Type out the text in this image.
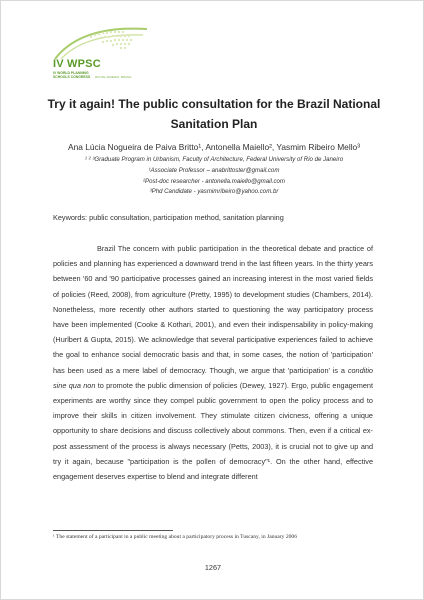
IV WPSC
IV WORLD PLANNING SCHOOLS CONGRESS	RIO DE JANEIRO, BRASIL
Try it again! The public consultation for the Brazil National
Sanitation Plan
Ana Lúcia Nogueira de Paiva Britto¹, Antonella Maiello², Yasmim Ribeiro Mello³
¹ ² ³Graduate Program in Urbanism, Faculty of Architecture, Federal University of Rio de Janeiro
¹Associate Professor – anabrittoster@gmail.com
²Post-doc researcher - antonella.maiello@gmail.com
³Phd Candidate - yasmimribeiro@yahoo.com.br
Keywords: public consultation, participation method, sanitation planning

Brazil The concern with public participation in the theoretical debate and practice of policies and planning has experienced a downward trend in the last fifteen years. In the thirty years between '60 and '90 participative processes gained an increasing interest in the most varied fields of policies (Reed, 2008), from agriculture (Pretty, 1995) to development studies (Chambers, 2014). Nonetheless, more recently other authors started to questioning the way participatory process have been implemented (Cooke & Kothari, 2001), and even their indispensability in policy-making (Hurlbert & Gupta, 2015). We acknowledge that several participative experiences failed to achieve the goal to enhance social democratic basis and that, in some cases, the notion of 'participation' has been used as a mere label of democracy. Though, we argue that 'participation' is a conditio sine qua non to promote the public dimension of policies (Dewey, 1927). Ergo, public engagement experiments are worthy since they compel public government to open the policy process and to improve their skills in citizen involvement. They stimulate citizen civicness, offering a unique opportunity to share decisions and discuss collectively about commons. Then, even if a critical ex-post assessment of the process is always necessary (Petts, 2003), it is crucial not to give up and try it again, because "participation is the pollen of democracy"¹. On the other hand, effective engagement deserves expertise to blend and integrate different

¹ The statement of a participant in a public meeting about a participatory process in Tuscany, in January 2006
1267
